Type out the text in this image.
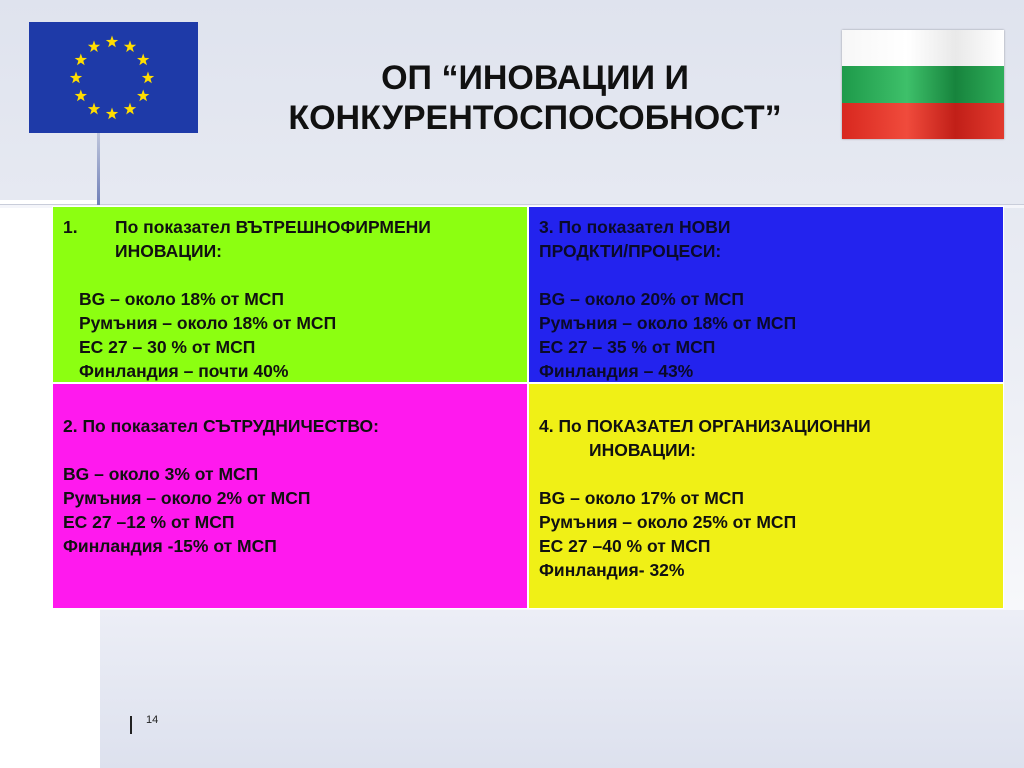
ОП “ИНОВАЦИИ И
КОНКУРЕНТОСПОСОБНОСТ”
1. По показател ВЪТРЕШНОФИРМЕНИ
ИНОВАЦИИ:
BG – около 18% от МСП
Румъния – около 18% от МСП
ЕС 27 – 30 % от МСП
Финландия – почти 40%
3. По показател НОВИ
ПРОДКТИ/ПРОЦЕСИ:
BG – около 20% от МСП
Румъния – около 18% от МСП
ЕС 27 – 35 % от МСП
Финландия – 43%
2. По показател СЪТРУДНИЧЕСТВО:
BG – около 3% от МСП
Румъния – около 2% от МСП
ЕС 27 –12 % от МСП
Финландия -15% от МСП
4. По ПОКАЗАТЕЛ ОРГАНИЗАЦИОННИ
ИНОВАЦИИ:
BG – около 17% от МСП
Румъния – около 25% от МСП
ЕС 27 –40 % от МСП
Финландия- 32%
14
